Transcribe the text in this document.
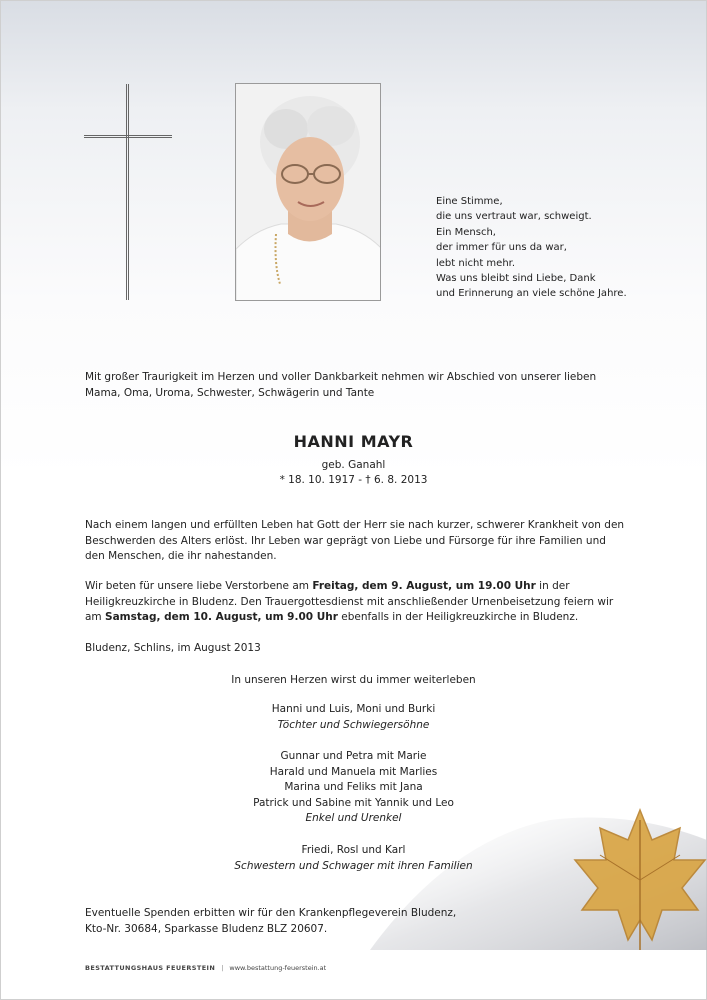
Eine Stimme,
die uns vertraut war, schweigt.
Ein Mensch,
der immer für uns da war,
lebt nicht mehr.
Was uns bleibt sind Liebe, Dank
und Erinnerung an viele schöne Jahre.
Mit großer Traurigkeit im Herzen und voller Dankbarkeit nehmen wir Abschied von unserer lieben Mama, Oma, Uroma, Schwester, Schwägerin und Tante
HANNI MAYR
geb. Ganahl
* 18. 10. 1917 - † 6. 8. 2013
Nach einem langen und erfüllten Leben hat Gott der Herr sie nach kurzer, schwerer Krankheit von den Beschwerden des Alters erlöst. Ihr Leben war geprägt von Liebe und Fürsorge für ihre Familien und den Menschen, die ihr nahestanden.
Wir beten für unsere liebe Verstorbene am Freitag, dem 9. August, um 19.00 Uhr in der Heiligkreuzkirche in Bludenz. Den Trauergottesdienst mit anschließender Urnenbeisetzung feiern wir am Samstag, dem 10. August, um 9.00 Uhr ebenfalls in der Heiligkreuzkirche in Bludenz.
Bludenz, Schlins, im August 2013
In unseren Herzen wirst du immer weiterleben
Hanni und Luis, Moni und Burki
Töchter und Schwiegersöhne
Gunnar und Petra mit Marie
Harald und Manuela mit Marlies
Marina und Feliks mit Jana
Patrick und Sabine mit Yannik und Leo
Enkel und Urenkel
Friedi, Rosl und Karl
Schwestern und Schwager mit ihren Familien
Eventuelle Spenden erbitten wir für den Krankenpflegeverein Bludenz,
Kto-Nr. 30684, Sparkasse Bludenz BLZ 20607.
BESTATTUNGSHAUS FEUERSTEIN | www.bestattung-feuerstein.at
